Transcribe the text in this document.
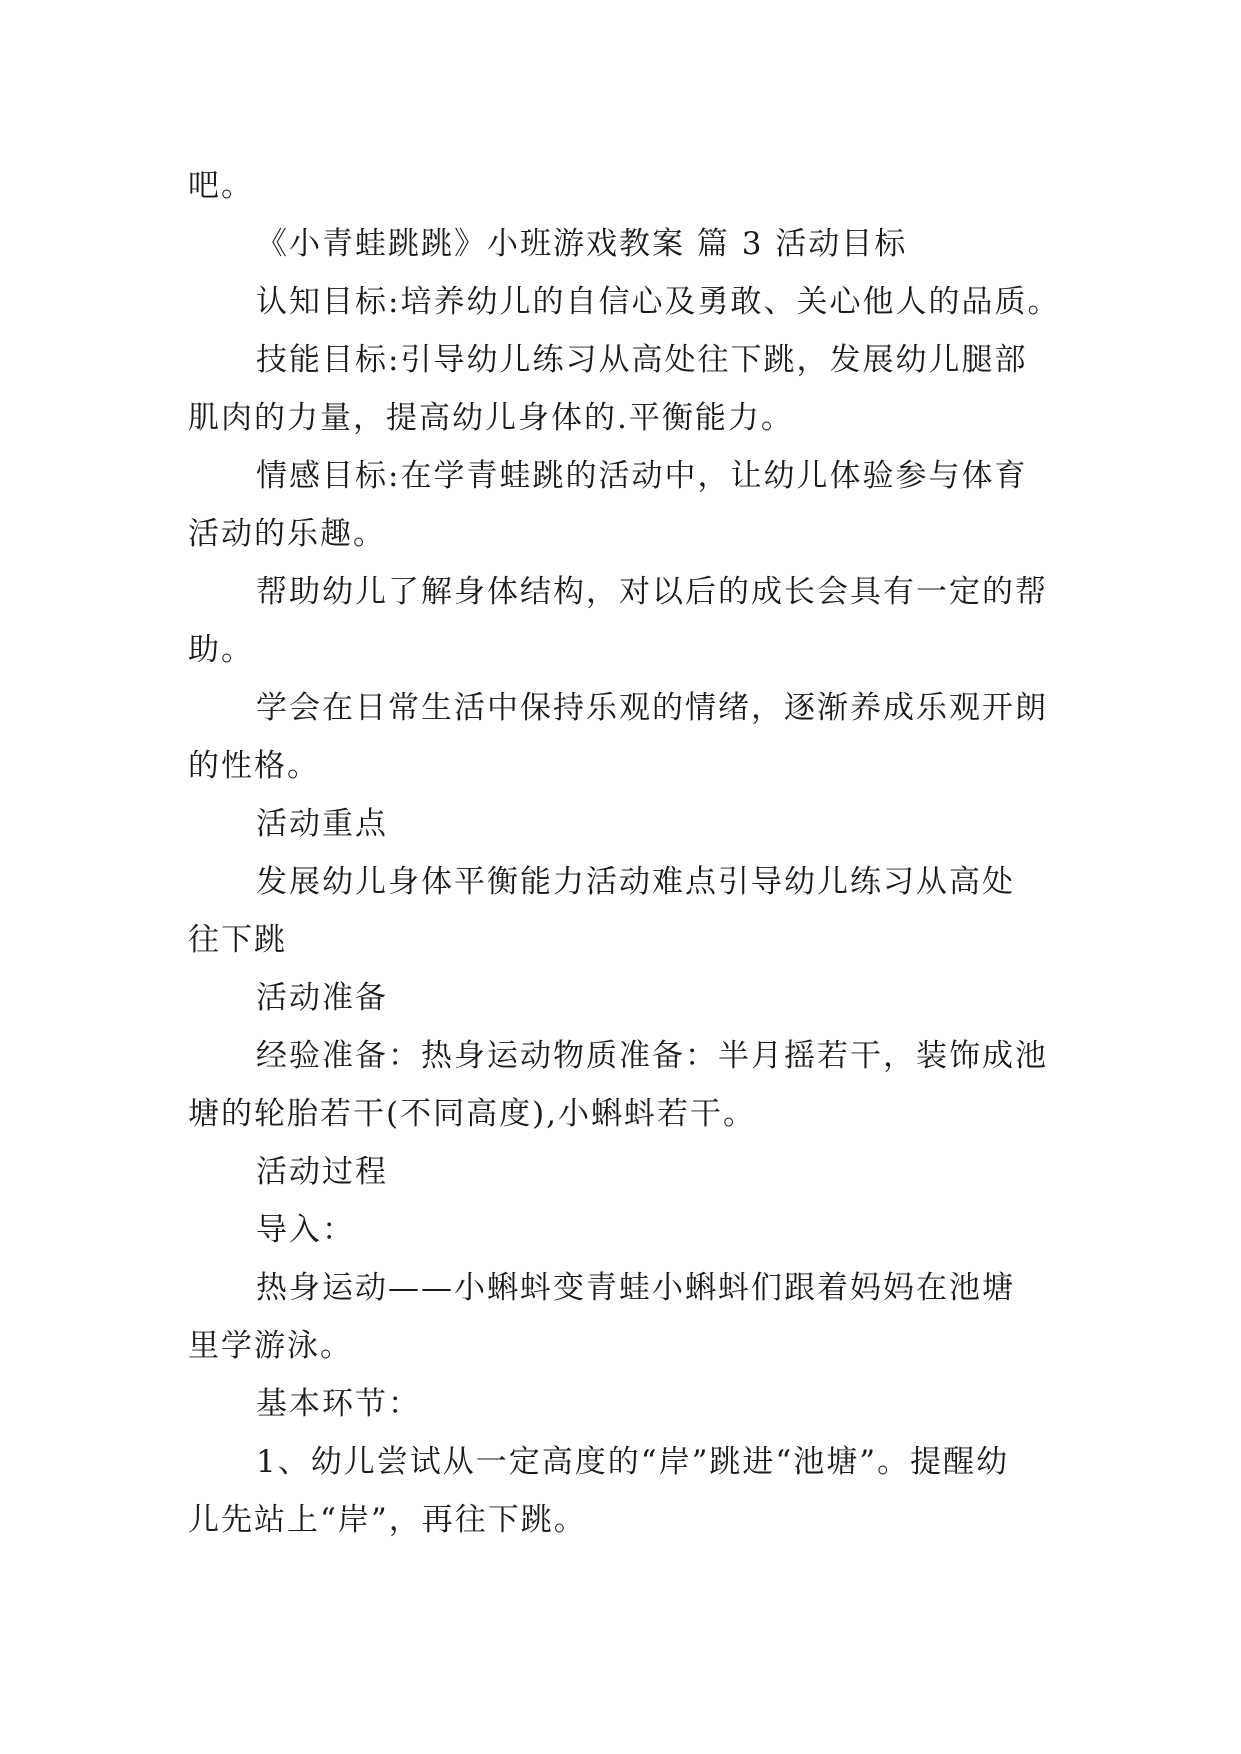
吧。
《小青蛙跳跳》小班游戏教案 篇 3 活动目标
认知目标:培养幼儿的自信心及勇敢、关心他人的品质。
技能目标:引导幼儿练习从高处往下跳，发展幼儿腿部
肌肉的力量，提高幼儿身体的.平衡能力。
情感目标:在学青蛙跳的活动中，让幼儿体验参与体育
活动的乐趣。
帮助幼儿了解身体结构，对以后的成长会具有一定的帮
助。
学会在日常生活中保持乐观的情绪，逐渐养成乐观开朗
的性格。
活动重点
发展幼儿身体平衡能力活动难点引导幼儿练习从高处
往下跳
活动准备
经验准备：热身运动物质准备：半月摇若干，装饰成池
塘的轮胎若干(不同高度),小蝌蚪若干。
活动过程
导入：
热身运动——小蝌蚪变青蛙小蝌蚪们跟着妈妈在池塘
里学游泳。
基本环节：
1、幼儿尝试从一定高度的“岸”跳进“池塘”。提醒幼
儿先站上“岸”，再往下跳。
